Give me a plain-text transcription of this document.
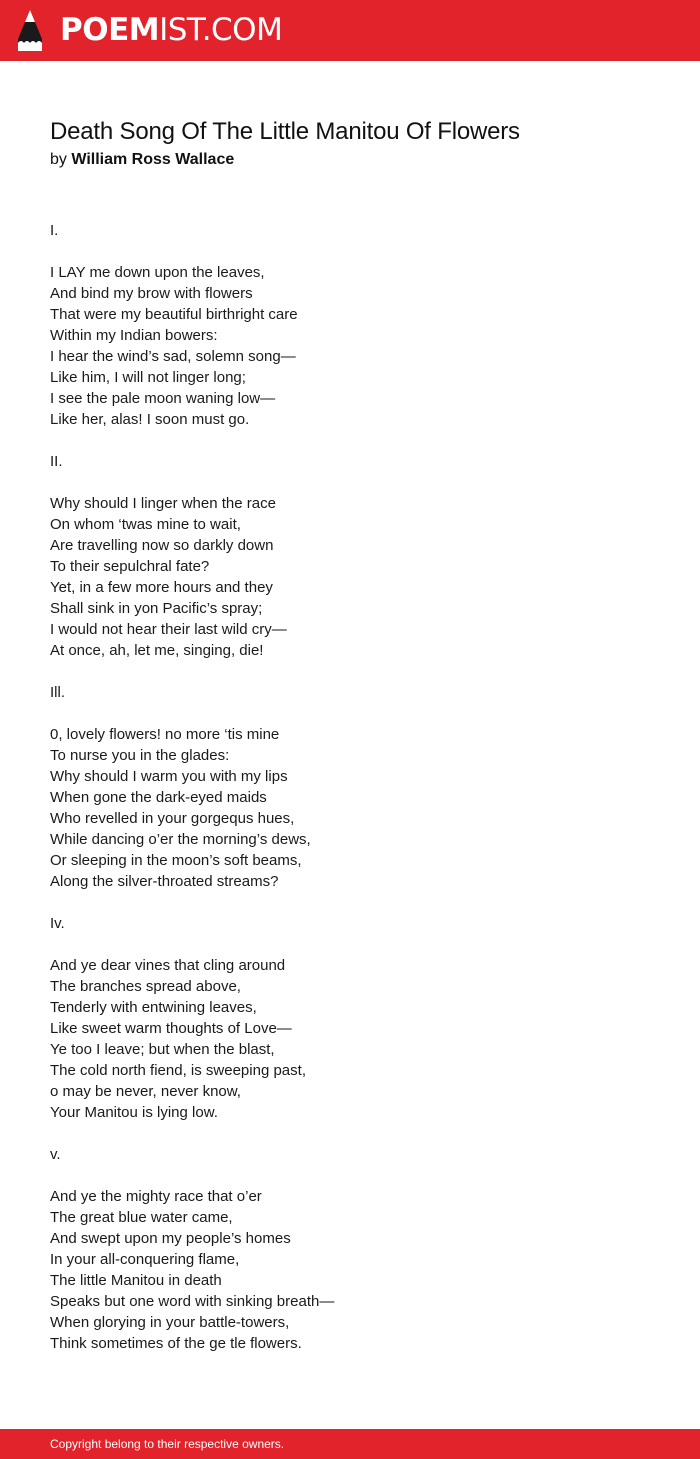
POEMIST.COM
Death Song Of The Little Manitou Of Flowers
by William Ross Wallace
I.
I LAY me down upon the leaves,
And bind my brow with flowers
That were my beautiful birthright care
Within my Indian bowers:
I hear the wind’s sad, solemn song—
Like him, I will not linger long;
I see the pale moon waning low—
Like her, alas! I soon must go.
II.
Why should I linger when the race
On whom ‘twas mine to wait,
Are travelling now so darkly down
To their sepulchral fate?
Yet, in a few more hours and they
Shall sink in yon Pacific’s spray;
I would not hear their last wild cry—
At once, ah, let me, singing, die!
Ill.
0, lovely flowers! no more ‘tis mine
To nurse you in the glades:
Why should I warm you with my lips
When gone the dark-eyed maids
Who revelled in your gorgequs hues,
While dancing o’er the morning’s dews,
Or sleeping in the moon’s soft beams,
Along the silver-throated streams?
Iv.
And ye dear vines that cling around
The branches spread above,
Tenderly with entwining leaves,
Like sweet warm thoughts of Love—
Ye too I leave; but when the blast,
The cold north fiend, is sweeping past,
o may be never, never know,
Your Manitou is lying low.
v.
And ye the mighty race that o’er
The great blue water came,
And swept upon my people’s homes
In your all-conquering flame,
The little Manitou in death
Speaks but one word with sinking breath—
When glorying in your battle-towers,
Think sometimes of the ge tle flowers.
Copyright belong to their respective owners.
